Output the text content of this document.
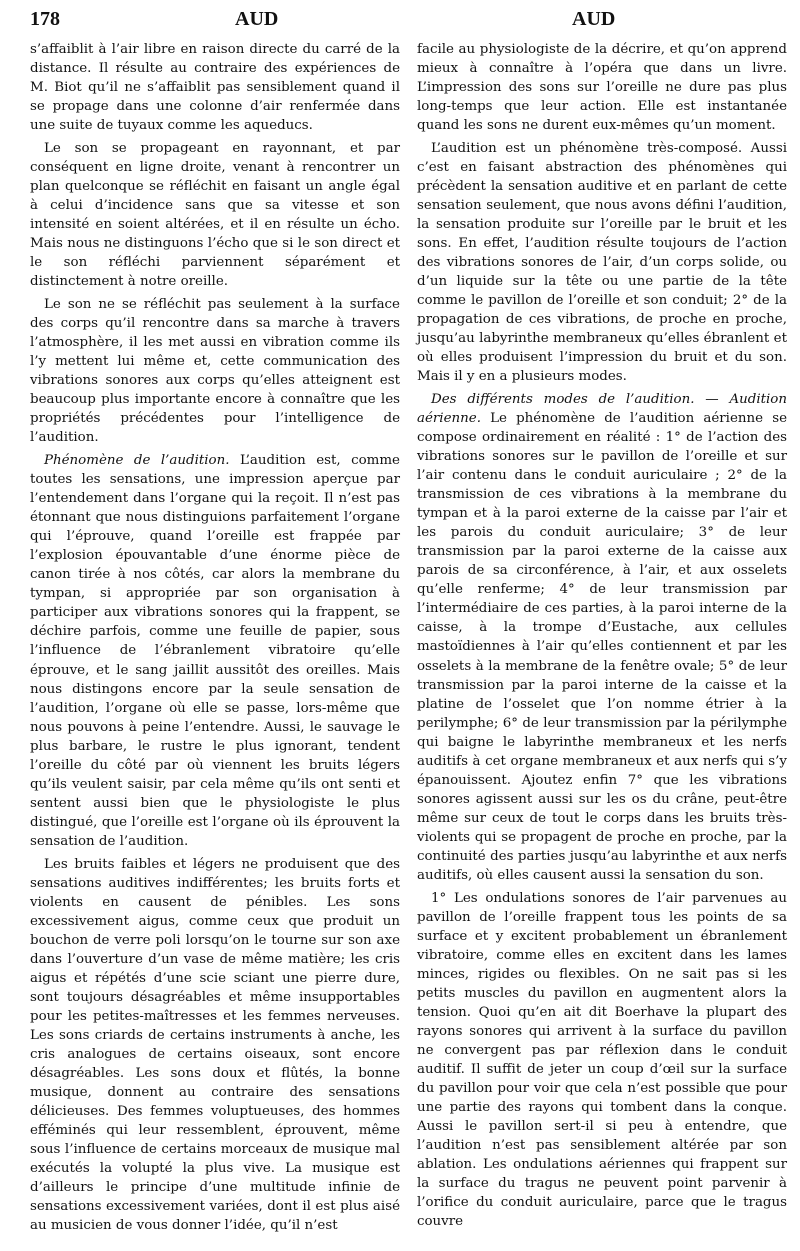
178	AUD	AUD

s’affaiblit à l’air libre en raison directe du carré de la distance. Il résulte au contraire des expériences de M. Biot qu’il ne s’affaiblit pas sensiblement quand il se propage dans une colonne d’air renfermée dans une suite de tuyaux comme les aqueducs.

Le son se propageant en rayonnant, et par conséquent en ligne droite, venant à rencontrer un plan quelconque se réfléchit en faisant un angle égal à celui d’incidence sans que sa vitesse et son intensité en soient altérées, et il en résulte un écho. Mais nous ne distinguons l’écho que si le son direct et le son réfléchi parviennent séparément et distinctement à notre oreille.

Le son ne se réfléchit pas seulement à la surface des corps qu’il rencontre dans sa marche à travers l’atmosphère, il les met aussi en vibration comme ils l’y mettent lui même et, cette communication des vibrations sonores aux corps qu’elles atteignent est beaucoup plus importante encore à connaître que les propriétés précédentes pour l’intelligence de l’audition.

Phénomène de l’audition. L’audition est, comme toutes les sensations, une impression aperçue par l’entendement dans l’organe qui la reçoit. Il n’est pas étonnant que nous distinguions parfaitement l’organe qui l’éprouve, quand l’oreille est frappée par l’explosion épouvantable d’une énorme pièce de canon tirée à nos côtés, car alors la membrane du tympan, si appropriée par son organisation à participer aux vibrations sonores qui la frappent, se déchire parfois, comme une feuille de papier, sous l’influence de l’ébranlement vibratoire qu’elle éprouve, et le sang jaillit aussitôt des oreilles. Mais nous distingons encore par la seule sensation de l’audition, l’organe où elle se passe, lors-même que nous pouvons à peine l’entendre. Aussi, le sauvage le plus barbare, le rustre le plus ignorant, tendent l’oreille du côté par où viennent les bruits légers qu’ils veulent saisir, par cela même qu’ils ont senti et sentent aussi bien que le physiologiste le plus distingué, que l’oreille est l’organe où ils éprouvent la sensation de l’audition.

Les bruits faibles et légers ne produisent que des sensations auditives indifférentes; les bruits forts et violents en causent de pénibles. Les sons excessivement aigus, comme ceux que produit un bouchon de verre poli lorsqu’on le tourne sur son axe dans l’ouverture d’un vase de même matière; les cris aigus et répétés d’une scie sciant une pierre dure, sont toujours désagréables et même insupportables pour les petites-maîtresses et les femmes nerveuses. Les sons criards de certains instruments à anche, les cris analogues de certains oiseaux, sont encore désagréables. Les sons doux et flûtés, la bonne musique, donnent au contraire des sensations délicieuses. Des femmes voluptueuses, des hommes efféminés qui leur ressemblent, éprouvent, même sous l’influence de certains morceaux de musique mal exécutés la volupté la plus vive. La musique est d’ailleurs le principe d’une multitude infinie de sensations excessivement variées, dont il est plus aisé au musicien de vous donner l’idée, qu’il n’est

facile au physiologiste de la décrire, et qu’on apprend mieux à connaître à l’opéra que dans un livre. L’impression des sons sur l’oreille ne dure pas plus long-temps que leur action. Elle est instantanée quand les sons ne durent eux-mêmes qu’un moment.

L’audition est un phénomène très-composé. Aussi c’est en faisant abstraction des phénomènes qui précèdent la sensation auditive et en parlant de cette sensation seulement, que nous avons défini l’audition, la sensation produite sur l’oreille par le bruit et les sons. En effet, l’audition résulte toujours de l’action des vibrations sonores de l’air, d’un corps solide, ou d’un liquide sur la tête ou une partie de la tête comme le pavillon de l’oreille et son conduit; 2° de la propagation de ces vibrations, de proche en proche, jusqu’au labyrinthe membraneux qu’elles ébranlent et où elles produisent l’impression du bruit et du son. Mais il y en a plusieurs modes.

Des différents modes de l’audition. — Audition aérienne. Le phénomène de l’audition aérienne se compose ordinairement en réalité : 1° de l’action des vibrations sonores sur le pavillon de l’oreille et sur l’air contenu dans le conduit auriculaire ; 2° de la transmission de ces vibrations à la membrane du tympan et à la paroi externe de la caisse par l’air et les parois du conduit auriculaire; 3° de leur transmission par la paroi externe de la caisse aux parois de sa circonférence, à l’air, et aux osselets qu’elle renferme; 4° de leur transmission par l’intermédiaire de ces parties, à la paroi interne de la caisse, à la trompe d’Eustache, aux cellules mastoïdiennes à l’air qu’elles contiennent et par les osselets à la membrane de la fenêtre ovale; 5° de leur transmission par la paroi interne de la caisse et la platine de l’osselet que l’on nomme étrier à la perilymphe; 6° de leur transmission par la périlymphe qui baigne le labyrinthe membraneux et les nerfs auditifs à cet organe membraneux et aux nerfs qui s’y épanouissent. Ajoutez enfin 7° que les vibrations sonores agissent aussi sur les os du crâne, peut-être même sur ceux de tout le corps dans les bruits très-violents qui se propagent de proche en proche, par la continuité des parties jusqu’au labyrinthe et aux nerfs auditifs, où elles causent aussi la sensation du son.

1° Les ondulations sonores de l’air parvenues au pavillon de l’oreille frappent tous les points de sa surface et y excitent probablement un ébranlement vibratoire, comme elles en excitent dans les lames minces, rigides ou flexibles. On ne sait pas si les petits muscles du pavillon en augmentent alors la tension. Quoi qu’en ait dit Boerhave la plupart des rayons sonores qui arrivent à la surface du pavillon ne convergent pas par réflexion dans le conduit auditif. Il suffit de jeter un coup d’œil sur la surface du pavillon pour voir que cela n’est possible que pour une partie des rayons qui tombent dans la conque. Aussi le pavillon sert-il si peu à entendre, que l’audition n’est pas sensiblement altérée par son ablation. Les ondulations aériennes qui frappent sur la surface du tragus ne peuvent point parvenir à l’orifice du conduit auriculaire, parce que le tragus couvre
